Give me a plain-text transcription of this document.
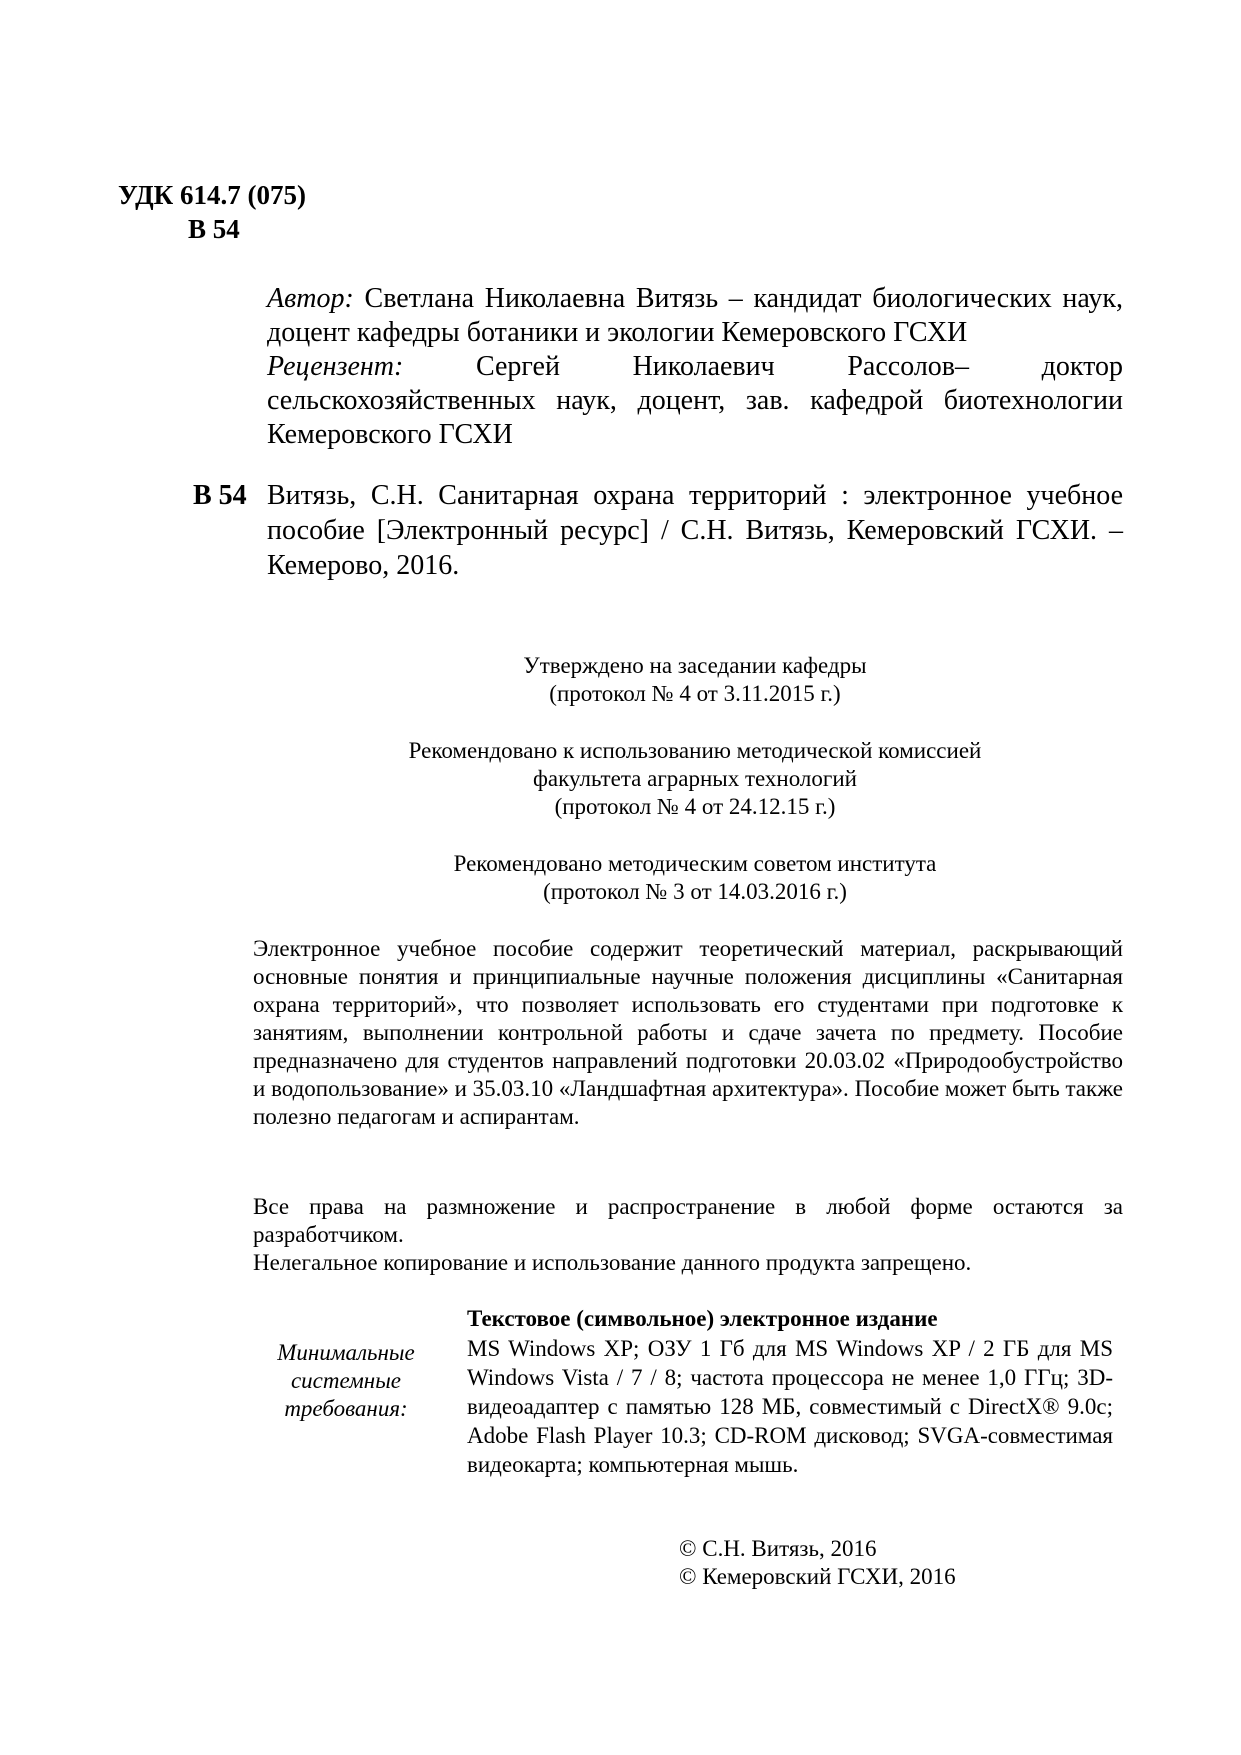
УДК 614.7 (075)
В 54

Автор: Светлана Николаевна Витязь – кандидат биологических наук, доцент кафедры ботаники и экологии Кемеровского ГСХИ

Рецензент:	Сергей Николаевич Рассолов– доктор сельскохозяйственных наук, доцент, зав. кафедрой биотехнологии Кемеровского ГСХИ

В 54 Витязь, С.Н. Санитарная охрана территорий : электронное учебное пособие [Электронный ресурс] / С.Н. Витязь, Кемеровский ГСХИ. – Кемерово, 2016.
Утверждено на заседании кафедры
(протокол № 4 от 3.11.2015 г.)
Рекомендовано к использованию методической комиссией
факультета аграрных технологий
(протокол № 4 от 24.12.15 г.)
Рекомендовано методическим советом института
(протокол № 3 от 14.03.2016 г.)
Электронное учебное пособие содержит теоретический материал, раскрывающий основные понятия и принципиальные научные положения дисциплины «Санитарная охрана территорий», что позволяет использовать его студентами при подготовке к занятиям, выполнении контрольной работы и сдаче зачета по предмету. Пособие предназначено для студентов направлений подготовки 20.03.02 «Природообустройство и водопользование» и 35.03.10 «Ландшафтная архитектура». Пособие может быть также полезно педагогам и аспирантам.

Все права на размножение и распространение в любой форме остаются за разработчиком.

Нелегальное копирование и использование данного продукта запрещено.

Текстовое (символьное) электронное издание
Минимальные системные требования:
MS Windows XP; ОЗУ 1 Гб для MS Windows XP / 2 ГБ для MS Windows Vista / 7 / 8; частота процессора не менее 1,0 ГГц; 3D-видеоадаптер с памятью 128 МБ, совместимый с DirectX® 9.0c; Adobe Flash Player 10.3; CD-ROM дисковод; SVGA-совместимая видеокарта; компьютерная мышь.
© С.Н. Витязь, 2016
© Кемеровский ГСХИ, 2016
